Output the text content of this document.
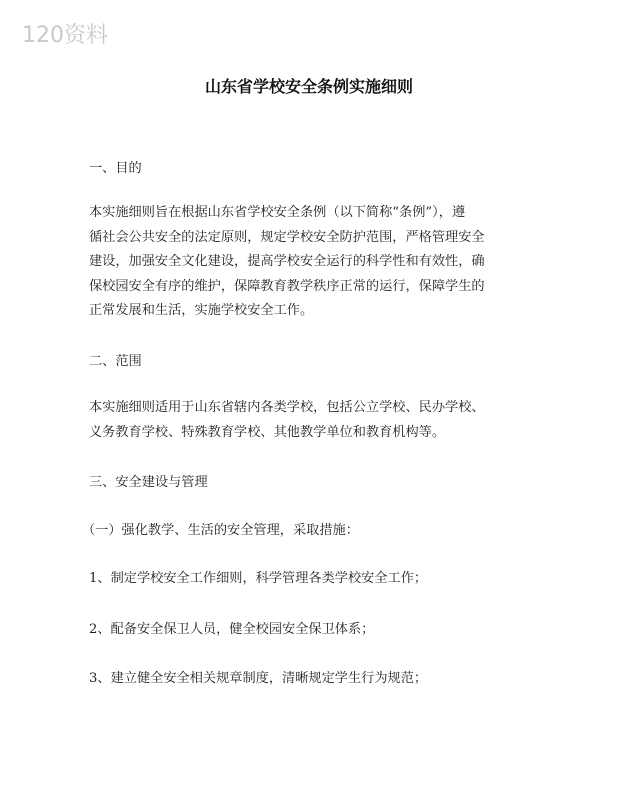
120资料
山东省学校安全条例实施细则
一、目的
本实施细则旨在根据山东省学校安全条例（以下简称“条例”），遵
循社会公共安全的法定原则，规定学校安全防护范围，严格管理安全
建设，加强安全文化建设，提高学校安全运行的科学性和有效性，确
保校园安全有序的维护，保障教育教学秩序正常的运行，保障学生的
正常发展和生活，实施学校安全工作。
二、范围
本实施细则适用于山东省辖内各类学校，包括公立学校、民办学校、
义务教育学校、特殊教育学校、其他教学单位和教育机构等。
三、安全建设与管理
（一）强化教学、生活的安全管理，采取措施：
1、制定学校安全工作细则，科学管理各类学校安全工作；
2、配备安全保卫人员，健全校园安全保卫体系；
3、建立健全安全相关规章制度，清晰规定学生行为规范；
